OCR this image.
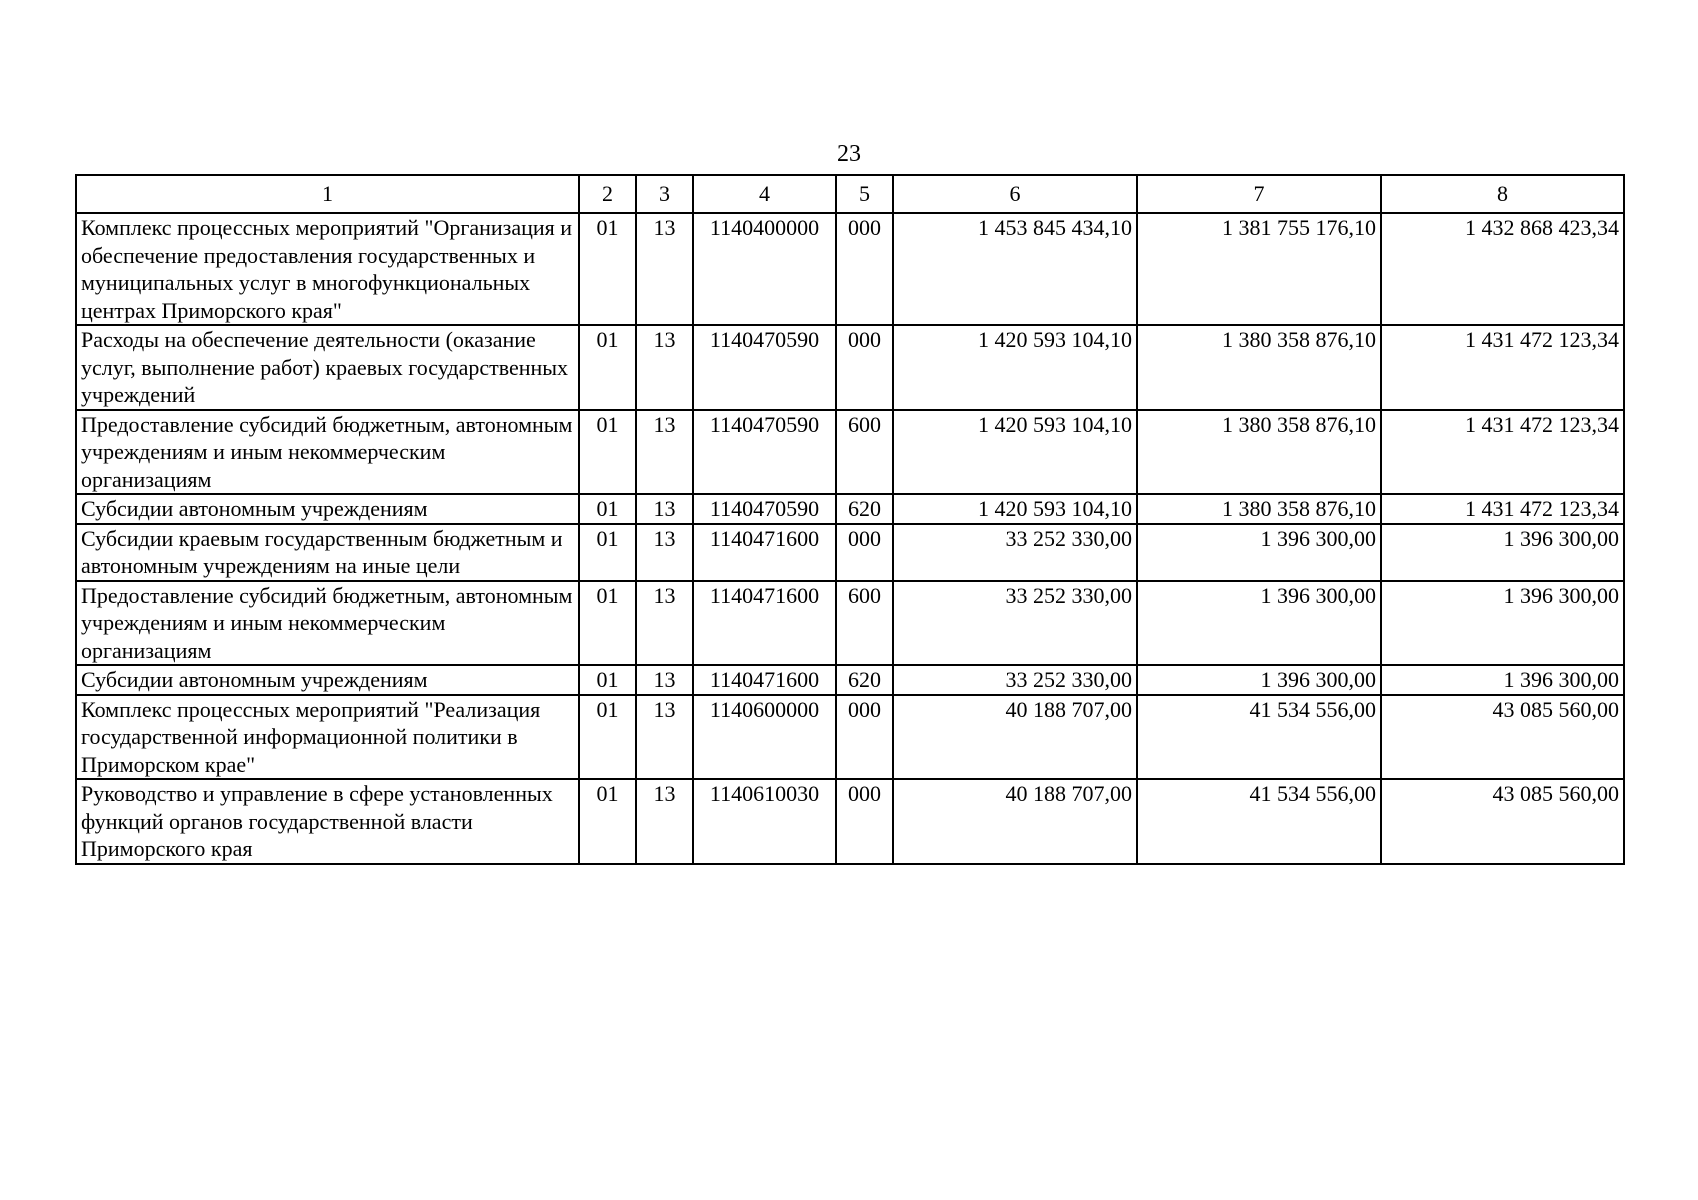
23
1	2	3	4	5	6	7	8
Комплекс процессных мероприятий "Организация и обеспечение предоставления государственных и муниципальных услуг в многофункциональных центрах Приморского края"	01	13	1140400000	000	1 453 845 434,10	1 381 755 176,10	1 432 868 423,34
Расходы на обеспечение деятельности (оказание услуг, выполнение работ) краевых государственных учреждений	01	13	1140470590	000	1 420 593 104,10	1 380 358 876,10	1 431 472 123,34
Предоставление субсидий бюджетным, автономным учреждениям и иным некоммерческим организациям	01	13	1140470590	600	1 420 593 104,10	1 380 358 876,10	1 431 472 123,34
Субсидии автономным учреждениям	01	13	1140470590	620	1 420 593 104,10	1 380 358 876,10	1 431 472 123,34
Субсидии краевым государственным бюджетным и автономным учреждениям на иные цели	01	13	1140471600	000	33 252 330,00	1 396 300,00	1 396 300,00
Предоставление субсидий бюджетным, автономным учреждениям и иным некоммерческим организациям	01	13	1140471600	600	33 252 330,00	1 396 300,00	1 396 300,00
Субсидии автономным учреждениям	01	13	1140471600	620	33 252 330,00	1 396 300,00	1 396 300,00
Комплекс процессных мероприятий "Реализация государственной информационной политики в Приморском крае"	01	13	1140600000	000	40 188 707,00	41 534 556,00	43 085 560,00
Руководство и управление в сфере установленных функций органов государственной власти Приморского края	01	13	1140610030	000	40 188 707,00	41 534 556,00	43 085 560,00
